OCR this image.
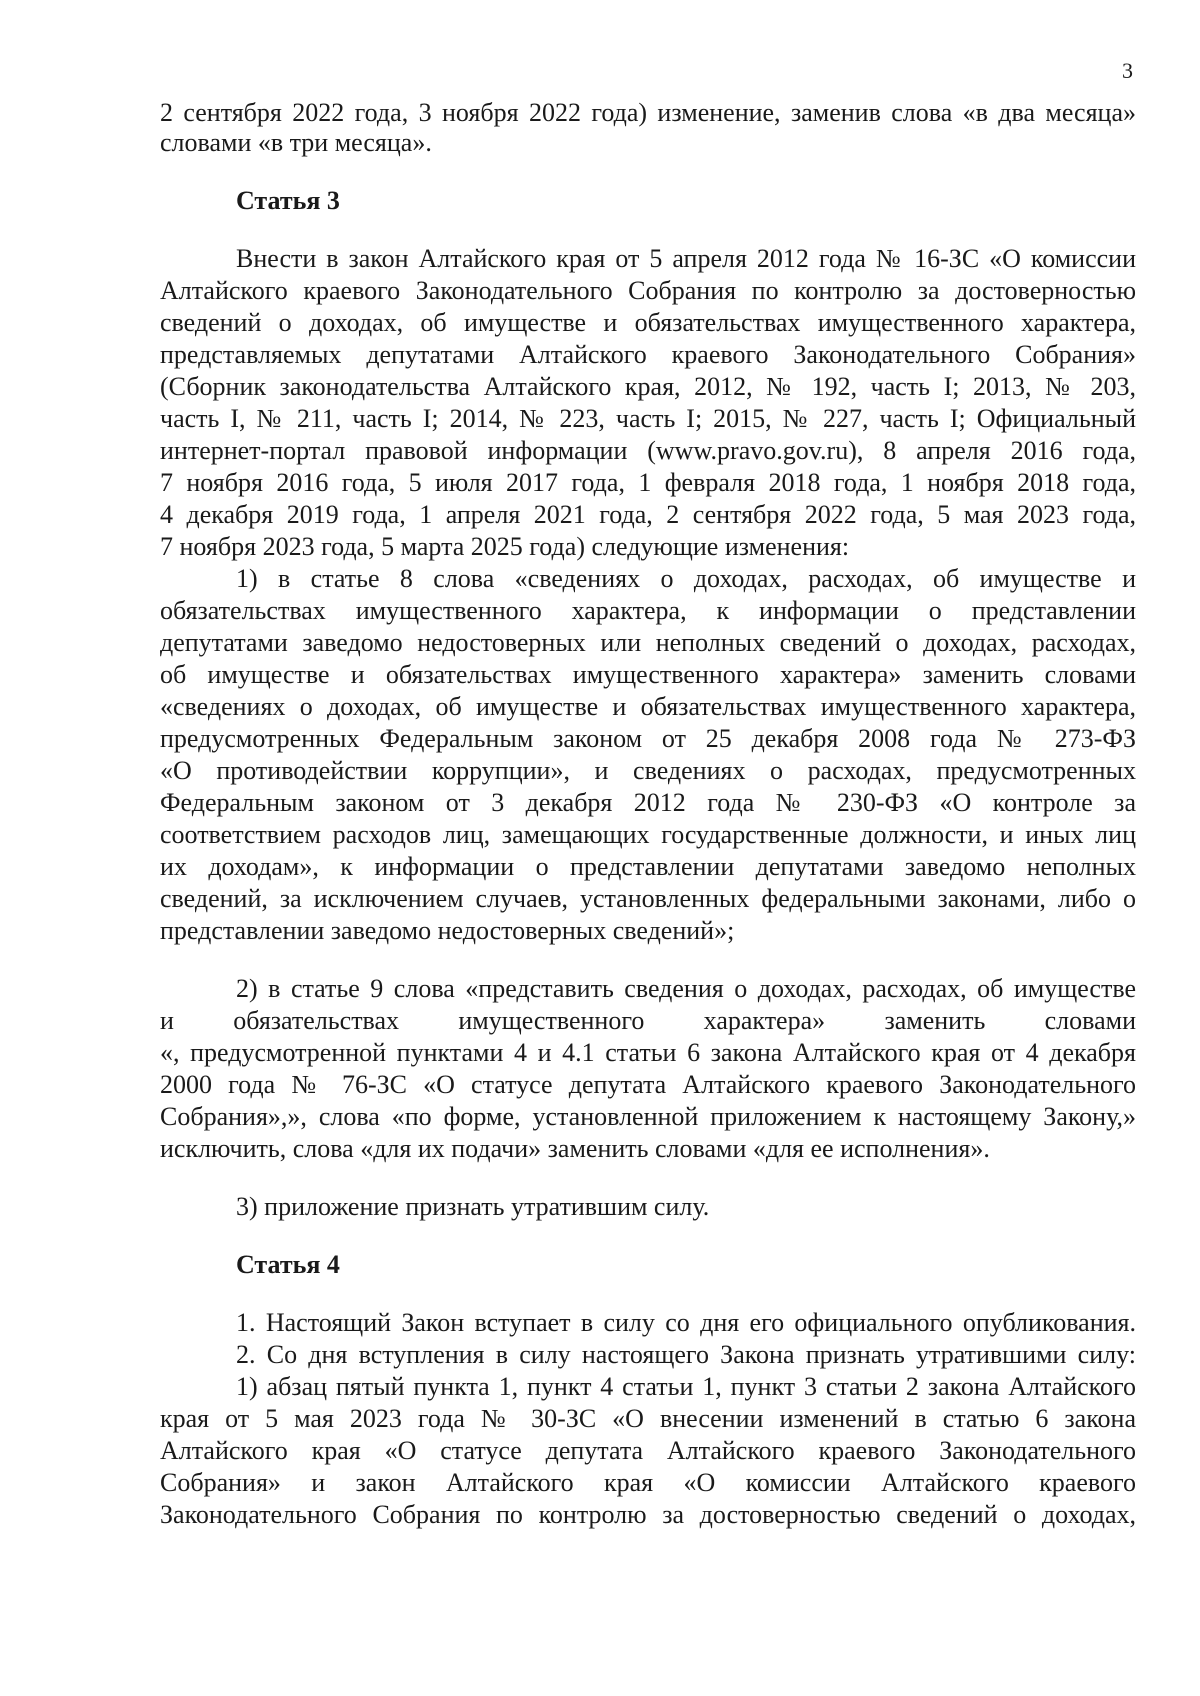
3
2 сентября 2022 года, 3 ноября 2022 года) изменение, заменив слова «в два месяца»
словами «в три месяца».
Статья 3
Внести в закон Алтайского края от 5 апреля 2012 года № 16-ЗС «О комиссии
Алтайского краевого Законодательного Собрания по контролю за достоверностью
сведений о доходах, об имуществе и обязательствах имущественного характера,
представляемых депутатами Алтайского краевого Законодательного Собрания»
(Сборник законодательства Алтайского края, 2012, № 192, часть I; 2013, № 203,
часть I, № 211, часть I; 2014, № 223, часть I; 2015, № 227, часть I; Официальный
интернет-портал правовой информации (www.pravo.gov.ru), 8 апреля 2016 года,
7 ноября 2016 года, 5 июля 2017 года, 1 февраля 2018 года, 1 ноября 2018 года,
4 декабря 2019 года, 1 апреля 2021 года, 2 сентября 2022 года, 5 мая 2023 года,
7 ноября 2023 года, 5 марта 2025 года) следующие изменения:
1) в статье 8 слова «сведениях о доходах, расходах, об имуществе и
обязательствах имущественного характера, к информации о представлении
депутатами заведомо недостоверных или неполных сведений о доходах, расходах,
об имуществе и обязательствах имущественного характера» заменить словами
«сведениях о доходах, об имуществе и обязательствах имущественного характера,
предусмотренных Федеральным законом от 25 декабря 2008 года № 273-ФЗ
«О противодействии коррупции», и сведениях о расходах, предусмотренных
Федеральным законом от 3 декабря 2012 года № 230-ФЗ «О контроле за
соответствием расходов лиц, замещающих государственные должности, и иных лиц
их доходам», к информации о представлении депутатами заведомо неполных
сведений, за исключением случаев, установленных федеральными законами, либо о
представлении заведомо недостоверных сведений»;
2) в статье 9 слова «представить сведения о доходах, расходах, об имуществе
и обязательствах имущественного характера» заменить словами
«, предусмотренной пунктами 4 и 4.1 статьи 6 закона Алтайского края от 4 декабря
2000 года № 76-ЗС «О статусе депутата Алтайского краевого Законодательного
Собрания»,», слова «по форме, установленной приложением к настоящему Закону,»
исключить, слова «для их подачи» заменить словами «для ее исполнения».
3) приложение признать утратившим силу.
Статья 4
1. Настоящий Закон вступает в силу со дня его официального опубликования.
2. Со дня вступления в силу настоящего Закона признать утратившими силу:
1) абзац пятый пункта 1, пункт 4 статьи 1, пункт 3 статьи 2 закона Алтайского
края от 5 мая 2023 года № 30-ЗС «О внесении изменений в статью 6 закона
Алтайского края «О статусе депутата Алтайского краевого Законодательного
Собрания» и закон Алтайского края «О комиссии Алтайского краевого
Законодательного Собрания по контролю за достоверностью сведений о доходах,
